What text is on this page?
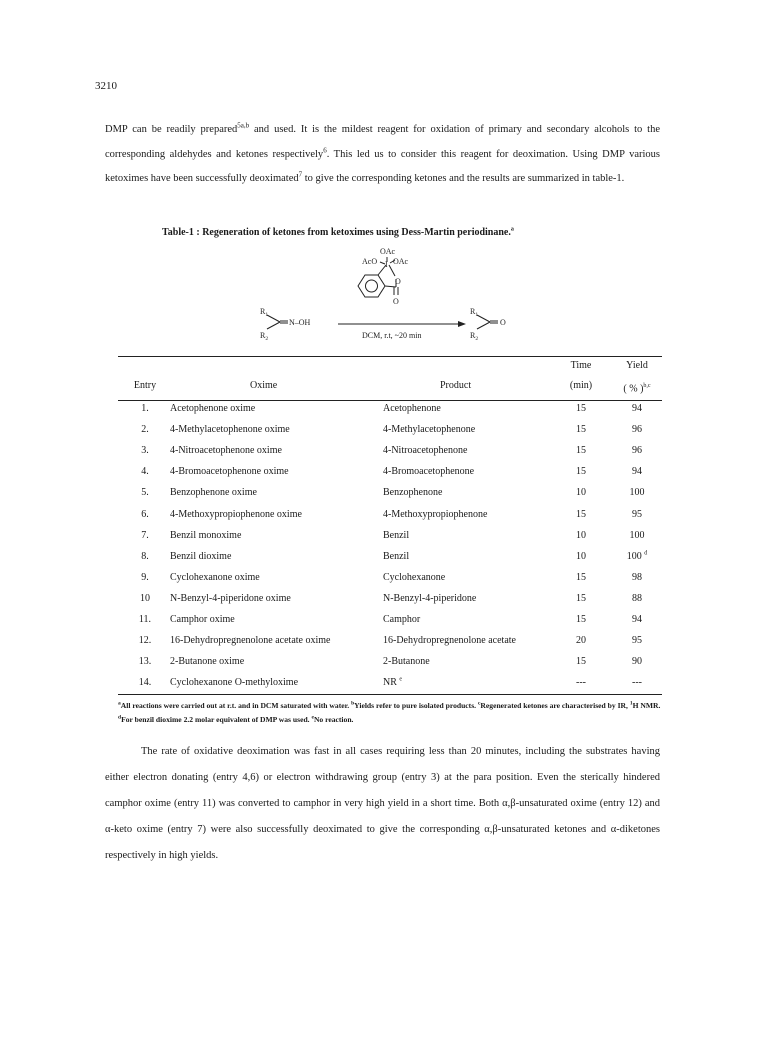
3210
DMP can be readily prepared$^{5a,b}$ and used. It is the mildest reagent for oxidation of primary and secondary alcohols to the corresponding aldehydes and ketones respectively$^6$. This led us to consider this reagent for deoximation. Using DMP various ketoximes have been successfully deoximated$^7$ to give the corresponding ketones and the results are summarized in table-1.
Table-1 : Regeneration of ketones from ketoximes using Dess-Martin periodinane.$^a$
OAc
AcO I OAc
O
O
$R_1$
N–OH
$R_2$	DCM, r.t, ~20 min
$R_1$
O
$R_2$
Time	Yield
Entry	Oxime	Product	(min)	( % )$^{b,c}$
1.	Acetophenone oxime	Acetophenone	15	94
2.	4-Methylacetophenone oxime	4-Methylacetophenone	15	96
3.	4-Nitroacetophenone oxime	4-Nitroacetophenone	15	96
4.	4-Bromoacetophenone oxime	4-Bromoacetophenone	15	94
5.	Benzophenone oxime	Benzophenone	10	100
6.	4-Methoxypropiophenone oxime	4-Methoxypropiophenone	15	95
7.	Benzil monoxime	Benzil	10	100
8.	Benzil dioxime	Benzil	10	100 $^d$
9.	Cyclohexanone oxime	Cyclohexanone	15	98
10	N-Benzyl-4-piperidone oxime	N-Benzyl-4-piperidone	15	88
11.	Camphor oxime	Camphor	15	94
12.	16-Dehydropregnenolone acetate oxime	16-Dehydropregnenolone acetate	20	95
13.	2-Butanone oxime	2-Butanone	15	90
14.	Cyclohexanone O-methyloxime	NR $^e$	---	---
$^a$All reactions were carried out at r.t. and in DCM saturated with water. $^b$Yields refer to pure isolated products. $^c$Regenerated ketones are characterised by IR, $^1$H NMR. $^d$For benzil dioxime 2.2 molar equivalent of DMP was used. $^e$No reaction.
The rate of oxidative deoximation was fast in all cases requiring less than 20 minutes, including the substrates having either electron donating (entry 4,6) or electron withdrawing group (entry 3) at the para position. Even the sterically hindered camphor oxime (entry 11) was converted to camphor in very high yield in a short time. Both α,β-unsaturated oxime (entry 12) and α-keto oxime (entry 7) were also successfully deoximated to give the corresponding α,β-unsaturated ketones and α-diketones respectively in high yields.
